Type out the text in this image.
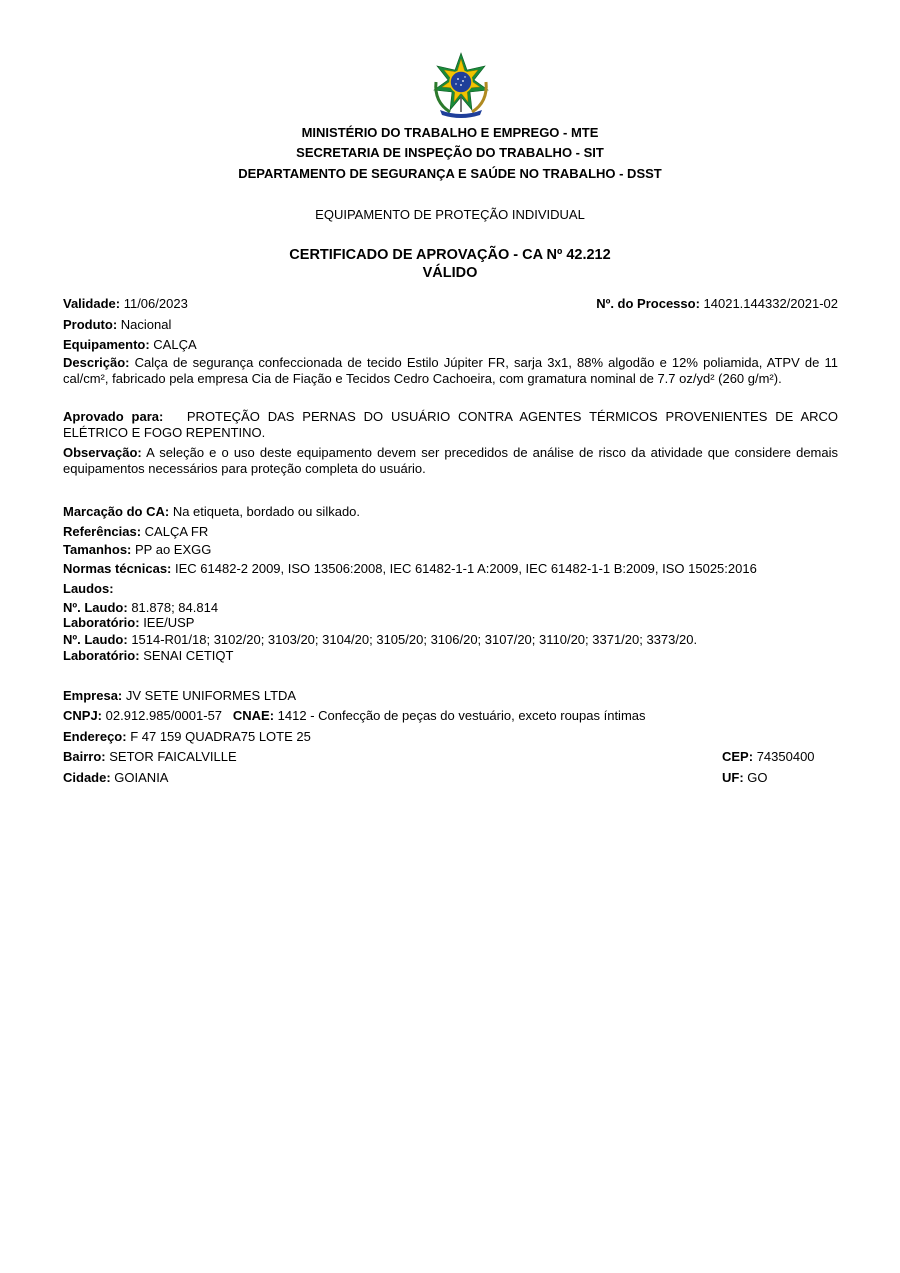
MINISTÉRIO DO TRABALHO E EMPREGO - MTE
SECRETARIA DE INSPEÇÃO DO TRABALHO - SIT
DEPARTAMENTO DE SEGURANÇA E SAÚDE NO TRABALHO - DSST
EQUIPAMENTO DE PROTEÇÃO INDIVIDUAL
CERTIFICADO DE APROVAÇÃO - CA Nº 42.212
VÁLIDO
Validade: 11/06/2023	Nº. do Processo: 14021.144332/2021-02
Produto: Nacional
Equipamento: CALÇA
Descrição: Calça de segurança confeccionada de tecido Estilo Júpiter FR, sarja 3x1, 88% algodão e 12% poliamida, ATPV de 11 cal/cm², fabricado pela empresa Cia de Fiação e Tecidos Cedro Cachoeira, com gramatura nominal de 7.7 oz/yd² (260 g/m²).
Aprovado para: PROTEÇÃO DAS PERNAS DO USUÁRIO CONTRA AGENTES TÉRMICOS PROVENIENTES DE ARCO ELÉTRICO E FOGO REPENTINO.
Observação: A seleção e o uso deste equipamento devem ser precedidos de análise de risco da atividade que considere demais equipamentos necessários para proteção completa do usuário.
Marcação do CA: Na etiqueta, bordado ou silkado.
Referências: CALÇA FR
Tamanhos: PP ao EXGG
Normas técnicas: IEC 61482-2 2009, ISO 13506:2008, IEC 61482-1-1 A:2009, IEC 61482-1-1 B:2009, ISO 15025:2016
Laudos:
Nº. Laudo: 81.878; 84.814
Laboratório: IEE/USP
Nº. Laudo: 1514-R01/18; 3102/20; 3103/20; 3104/20; 3105/20; 3106/20; 3107/20; 3110/20; 3371/20; 3373/20.
Laboratório: SENAI CETIQT
Empresa: JV SETE UNIFORMES LTDA
CNPJ: 02.912.985/0001-57 CNAE: 1412 - Confecção de peças do vestuário, exceto roupas íntimas
Endereço: F 47 159 QUADRA75 LOTE 25
Bairro: SETOR FAICALVILLE	CEP: 74350400
Cidade: GOIANIA	UF: GO
